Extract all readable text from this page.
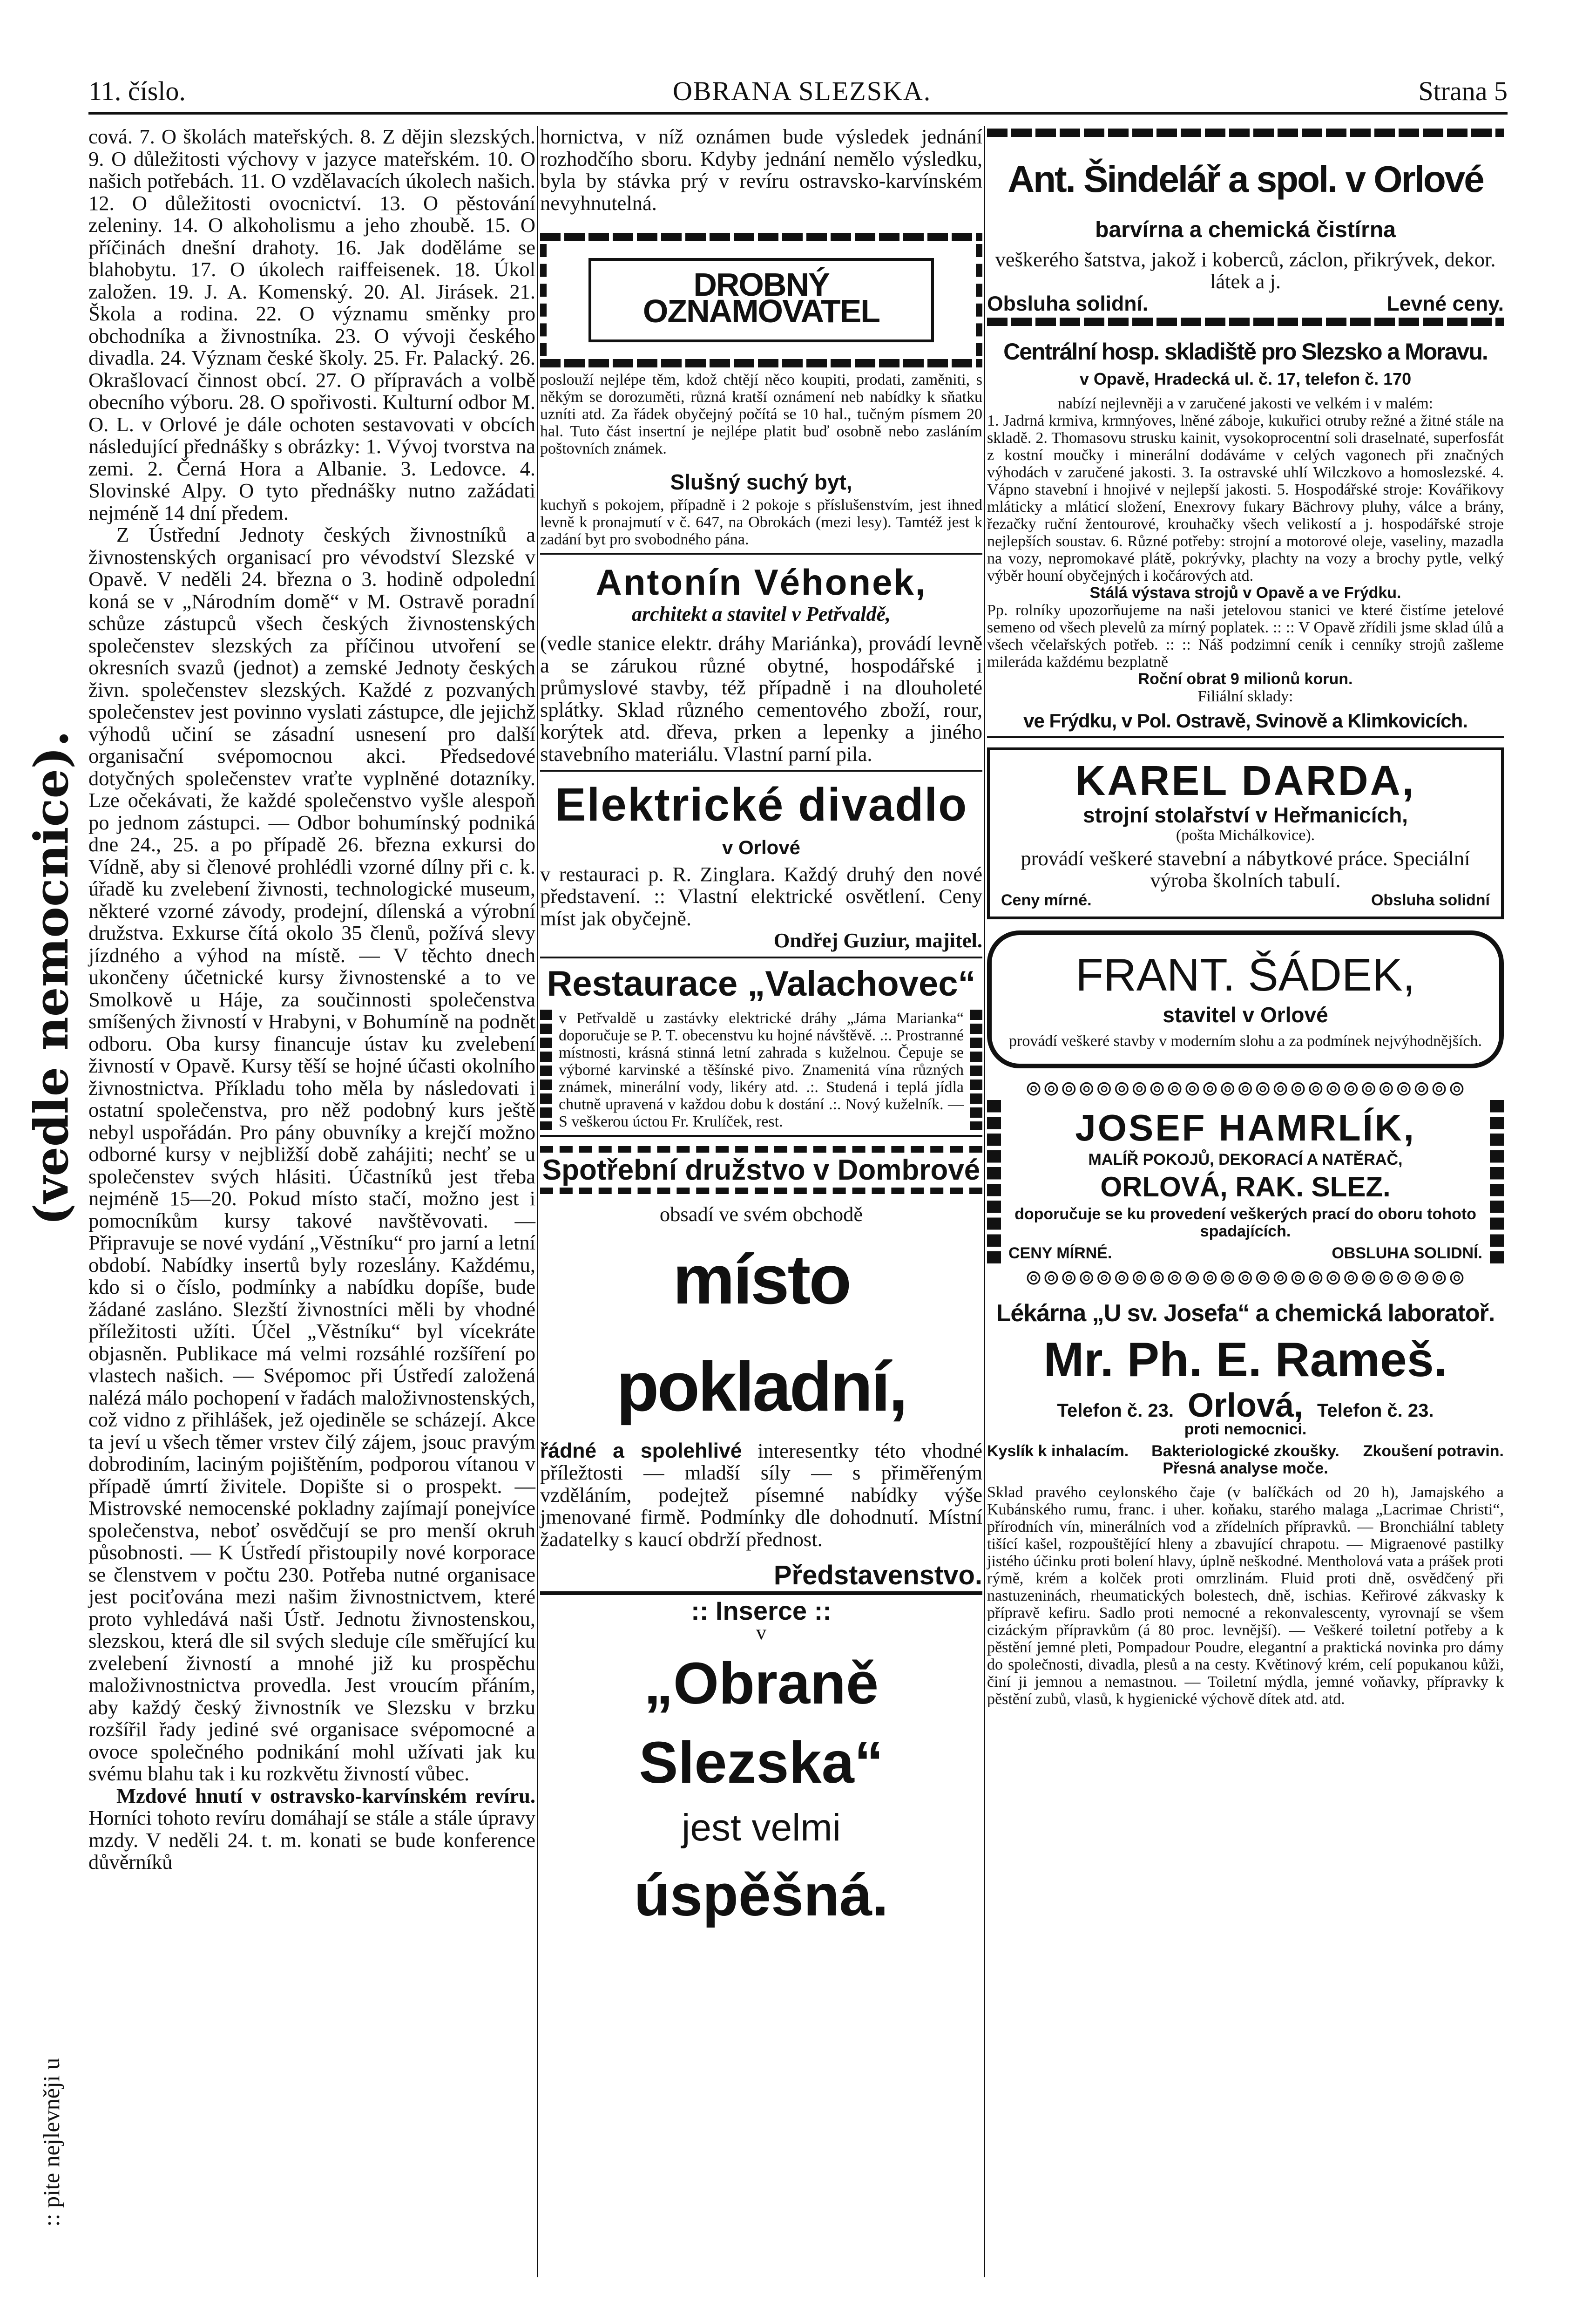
11. číslo.	OBRANA SLEZSKA.	Strana 5
(vedle nemocnice).
:: pite nejlevněji u

cová. 7. O školách mateřských. 8. Z dějin slezských. 9. O důležitosti výchovy v jazyce mateřském. 10. O našich potřebách. 11. O vzdělavacích úkolech našich. 12. O důležitosti ovocnictví. 13. O pěstování zeleniny. 14. O alkoholismu a jeho zhoubě. 15. O příčinách dnešní drahoty. 16. Jak doděláme se blahobytu. 17. O úkolech raiffeisenek. 18. Úkol založen. 19. J. A. Komenský. 20. Al. Jirásek. 21. Škola a rodina. 22. O významu směnky pro obchodníka a živnostníka. 23. O vývoji českého divadla. 24. Význam české školy. 25. Fr. Palacký. 26. Okrašlovací činnost obcí. 27. O přípravách a volbě obecního výboru. 28. O spořivosti. Kulturní odbor M. O. L. v Orlové je dále ochoten sestavovati v obcích následující přednášky s obrázky: 1. Vývoj tvorstva na zemi. 2. Černá Hora a Albanie. 3. Ledovce. 4. Slovinské Alpy. O tyto přednášky nutno zažádati nejméně 14 dní předem.

Z Ústřední Jednoty českých živnostníků a živnostenských organisací pro vévodství Slezské v Opavě. V neděli 24. března o 3. hodině odpolední koná se v „Národním domě“ v M. Ostravě poradní schůze zástupců všech českých živnostenských společenstev slezských za příčinou utvoření se okresních svazů (jednot) a zemské Jednoty českých živn. společenstev slezských. Každé z pozvaných společenstev jest povinno vyslati zástupce, dle jejichž výhodů učiní se zásadní usnesení pro další organisační svépomocnou akci. Předsedové dotyčných společenstev vraťte vyplněné dotazníky. Lze očekávati, že každé společenstvo vyšle alespoň po jednom zástupci. — Odbor bohumínský podniká dne 24., 25. a po případě 26. března exkursi do Vídně, aby si členové prohlédli vzorné dílny při c. k. úřadě ku zvelebení živnosti, technologické museum, některé vzorné závody, prodejní, dílenská a výrobní družstva. Exkurse čítá okolo 35 členů, požívá slevy jízdného a výhod na místě. — V těchto dnech ukončeny účetnické kursy živnostenské a to ve Smolkově u Háje, za součinnosti společenstva smíšených živností v Hrabyni, v Bohumíně na podnět odboru. Oba kursy financuje ústav ku zvelebení živností v Opavě. Kursy těší se hojné účasti okolního živnostnictva. Příkladu toho měla by následovati i ostatní společenstva, pro něž podobný kurs ještě nebyl uspořádán. Pro pány obuvníky a krejčí možno odborné kursy v nejbližší době zahájiti; nechť se u společenstev svých hlásiti. Účastníků jest třeba nejméně 15—20. Pokud místo stačí, možno jest i pomocníkům kursy takové navštěvovati. — Připravuje se nové vydání „Věstníku“ pro jarní a letní období. Nabídky insertů byly rozeslány. Každému, kdo si o číslo, podmínky a nabídku dopíše, bude žádané zasláno. Slezští živnostníci měli by vhodné příležitosti užíti. Účel „Věstníku“ byl vícekráte objasněn. Publikace má velmi rozsáhlé rozšíření po vlastech našich. — Svépomoc při Ústředí založená nalézá málo pochopení v řadách maloživnostenských, což vidno z přihlášek, jež ojediněle se scházejí. Akce ta jeví u všech těmer vrstev čilý zájem, jsouc pravým dobrodiním, laciným pojištěním, podporou vítanou v případě úmrtí živitele. Dopište si o prospekt. — Mistrovské nemocenské pokladny zajímají ponejvíce společenstva, neboť osvědčují se pro menší okruh působnosti. — K Ústředí přistoupily nové korporace se členstvem v počtu 230. Potřeba nutné organisace jest pociťována mezi našim živnostnictvem, které proto vyhledává naši Ústř. Jednotu živnostenskou, slezskou, která dle sil svých sleduje cíle směřující ku zvelebení živností a mnohé již ku prospěchu maloživnostnictva provedla. Jest vroucím přáním, aby každý český živnostník ve Slezsku v brzku rozšířil řady jediné své organisace svépomocné a ovoce společného podnikání mohl užívati jak ku svému blahu tak i ku rozkvětu živností vůbec.

Mzdové hnutí v ostravsko-karvínském revíru. Horníci tohoto revíru domáhají se stále a stále úpravy mzdy. V neděli 24. t. m. konati se bude konference důvěrníků

hornictva, v níž oznámen bude výsledek jednání rozhodčího sboru. Kdyby jednání nemělo výsledku, byla by stávka prý v revíru ostravsko-karvínském nevyhnutelná.

DROBNÝ OZNAMOVATEL

poslouží nejlépe těm, kdož chtějí něco koupiti, prodati, zaměniti, s někým se dorozuměti, různá kratší oznámení neb nabídky k sňatku uzníti atd. Za řádek obyčejný počítá se 10 hal., tučným písmem 20 hal. Tuto část insertní je nejlépe platit buď osobně nebo zasláním poštovních známek.

Slušný suchý byt,

kuchyň s pokojem, případně i 2 pokoje s příslušenstvím, jest ihned levně k pronajmutí v č. 647, na Obrokách (mezi lesy). Tamtéž jest k zadání byt pro svobodného pána.

Antonín Véhonek,
architekt a stavitel v Petřvaldě,

(vedle stanice elektr. dráhy Mariánka), provádí levně a se zárukou různé obytné, hospodářské i průmyslové stavby, též případně i na dlouholeté splátky. Sklad různého cementového zboží, rour, korýtek atd. dřeva, prken a lepenky a jiného stavebního materiálu. Vlastní parní pila.

Elektrické divadlo
v Orlové

v restauraci p. R. Zinglara. Každý druhý den nové představení. :: Vlastní elektrické osvětlení. Ceny míst jak obyčejně.

Ondřej Guziur, majitel.
Restaurace „Valachovec“

v Petřvaldě u zastávky elektrické dráhy „Jáma Marianka“ doporučuje se P. T. obecenstvu ku hojné návštěvě. .:. Prostranné místnosti, krásná stinná letní zahrada s kuželnou. Čepuje se výborné karvinské a těšínské pivo. Znamenitá vína různých známek, minerální vody, likéry atd. .:. Studená i teplá jídla chutně upravená v každou dobu k dostání .:. Nový kuželník. — S veškerou úctou Fr. Krulíček, rest.

Spotřební družstvo v Dombrové
obsadí ve svém obchodě
místo pokladní,

řádné a spolehlivé interesentky této vhodné příležtosti — mladší síly — s přiměřeným vzděláním, podejtež písemné nabídky výše jmenované firmě. Podmínky dle dohodnutí. Místní žadatelky s kaucí obdrží přednost.

Představenstvo.
:: Inserce ::
v
„Obraně
Slezska“
jest velmi
úspěšná.
Ant. Šindelář a spol. v Orlové
barvírna a chemická čistírna

veškerého šatstva, jakož i koberců, záclon, přikrývek, dekor. látek a j.

Obsluha solidní.	Levné ceny.
Centrální hosp. skladiště pro Slezsko a Moravu.
v Opavě, Hradecká ul. č. 17, telefon č. 170

nabízí nejlevněji a v zaručené jakosti ve velkém i v malém:

1. Jadrná krmiva, krmnýoves, lněné zábojе, kukuřici otruby režné a žitné stále na skladě. 2. Thomasovu strusku kainit, vysokoprocentní soli draselnaté, superfosfát z kostní moučky i minerální dodáváme v celých vagonech při značných výhodách v zaručené jakosti. 3. Ia ostravské uhlí Wilczkovo a homoslezské. 4. Vápno stavební i hnojivé v nejlepší jakosti. 5. Hospodářské stroje: Kovářikovy mláticky a mláticí složení, Enexrovy fukary Bächrovy pluhy, válce a brány, řezačky ruční žentourové, krouhačky všech velikostí a j. hospodářské stroje nejlepších soustav. 6. Různé potřeby: strojní a motorové oleje, vaseliny, mazadla na vozy, nepromokavé plátě, pokrývky, plachty na vozy a brochy pytle, velký výběr houní obyčejných i kočárových atd.

Stálá výstava strojů v Opavě a ve Frýdku.

Pp. rolníky upozorňujeme na naši jetelovou stanici ve které čistíme jetelové semeno od všech plevelů za mírný poplatek. :: :: V Opavě zřídili jsme sklad úlů a všech včelařských potřeb. :: :: Náš podzimní ceník i cenníky strojů zašleme mileráda každému bezplatně

Roční obrat 9 milionů korun.
Filiální sklady:
ve Frýdku, v Pol. Ostravě, Svinově a Klimkovicích.
KAREL DARDA,
strojní stolařství v Heřmanicích,
(pošta Michálkovice).

provádí veškeré stavební a nábytkové práce. Speciální výroba školních tabulí.

Ceny mírné.	Obsluha solidní
FRANT. ŠÁDEK,
stavitel v Orlové

provádí veškeré stavby v moderním slohu a za podmínek nejvýhodnějších.

⊚⊚⊚⊚⊚⊚⊚⊚⊚⊚⊚⊚⊚⊚⊚⊚⊚⊚⊚⊚⊚⊚⊚⊚⊚
JOSEF HAMRLÍK,
MALÍŘ POKOJŮ, DEKORACÍ A NATĚRAČ,
ORLOVÁ, RAK. SLEZ.

doporučuje se ku provedení veškerých prací do oboru tohoto spadajících.

CENY MÍRNÉ.	OBSLUHA SOLIDNÍ.
⊚⊚⊚⊚⊚⊚⊚⊚⊚⊚⊚⊚⊚⊚⊚⊚⊚⊚⊚⊚⊚⊚⊚⊚⊚
Lékárna „U sv. Josefa“ a chemická laboratoř.
Mr. Ph. E. Rameš.
Telefon č. 23. Orlová, Telefon č. 23.
proti nemocnici.
Kyslík k inhalacím.	Bakteriologické zkoušky. Přesná analyse moče.
Zkoušení potravin.

Sklad pravého ceylonského čaje (v balíčkách od 20 h), Jamajského a Kubánského rumu, franc. i uher. koňaku, starého malaga „Lacrimae Christi“, přírodních vín, minerálních vod a zřídelních přípravků. — Bronchiální tablety tišící kašel, rozpouštějící hleny a zbavující chrapotu. — Migraenové pastilky jistého účinku proti bolení hlavy, úplně neškodné. Mentholová vata a prášek proti rýmě, krém a kolček proti omrzlinám. Fluid proti dně, osvědčený při nastuzeninách, rheumatických bolestech, dně, ischias. Keřirové zákvasky k přípravě kefiru. Sadlo proti nemocné a rekonvalescenty, vyrovnají se všem cizáckým přípravkům (á 80 proc. levnější). — Veškeré toiletní potřeby a k pěstění jemné pleti, Pompadour Poudre, elegantní a praktická novinka pro dámy do společnosti, divadla, plesů a na cesty. Květinový krém, celí popukanou kůži, činí ji jemnou a nemastnou. — Toiletní mýdla, jemné voňavky, přípravky k pěstění zubů, vlasů, k hygienické výchově dítek atd. atd.
